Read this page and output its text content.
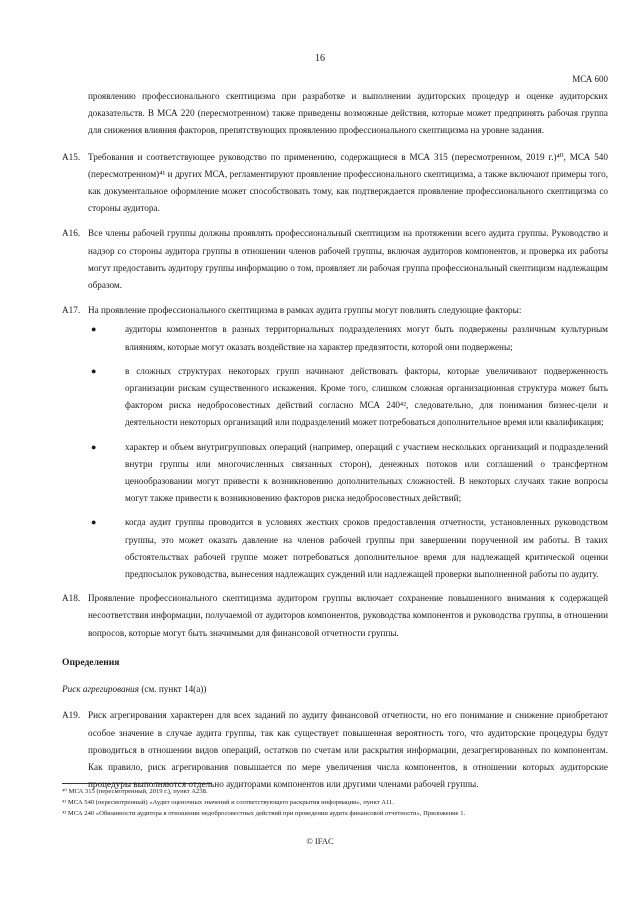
16
МСА 600
проявлению профессионального скептицизма при разработке и выполнении аудиторских процедур и оценке аудиторских доказательств. В МСА 220 (пересмотренном) также приведены возможные действия, которые может предпринять рабочая группа для снижения влияния факторов, препятствующих проявлению профессионального скептицизма на уровне задания.
A15. Требования и соответствующее руководство по применению, содержащиеся в МСА 315 (пересмотренном, 2019 г.)⁴⁰, МСА 540 (пересмотренном)⁴¹ и других МСА, регламентируют проявление профессионального скептицизма, а также включают примеры того, как документальное оформление может способствовать тому, как подтверждается проявление профессионального скептицизма со стороны аудитора.
A16. Все члены рабочей группы должны проявлять профессиональный скептицизм на протяжении всего аудита группы. Руководство и надзор со стороны аудитора группы в отношении членов рабочей группы, включая аудиторов компонентов, и проверка их работы могут предоставить аудитору группы информацию о том, проявляет ли рабочая группа профессиональный скептицизм надлежащим образом.
A17. На проявление профессионального скептицизма в рамках аудита группы могут повлиять следующие факторы:
●	аудиторы компонентов в разных территориальных подразделениях могут быть подвержены различным культурным влияниям, которые могут оказать воздействие на характер предвзятости, которой они подвержены;
●	в сложных структурах некоторых групп начинают действовать факторы, которые увеличивают подверженность организации рискам существенного искажения. Кроме того, слишком сложная организационная структура может быть фактором риска недобросовестных действий согласно МСА 240⁴², следовательно, для понимания бизнес-цели и деятельности некоторых организаций или подразделений может потребоваться дополнительное время или квалификация;
●	характер и объем внутригрупповых операций (например, операций с участием нескольких организаций и подразделений внутри группы или многочисленных связанных сторон), денежных потоков или соглашений о трансфертном ценообразовании могут привести к возникновению дополнительных сложностей. В некоторых случаях такие вопросы могут также привести к возникновению факторов риска недобросовестных действий;
●	когда аудит группы проводится в условиях жестких сроков предоставления отчетности, установленных руководством группы, это может оказать давление на членов рабочей группы при завершении порученной им работы. В таких обстоятельствах рабочей группе может потребоваться дополнительное время для надлежащей критической оценки предпосылок руководства, вынесения надлежащих суждений или надлежащей проверки выполненной работы по аудиту.
A18. Проявление профессионального скептицизма аудитором группы включает сохранение повышенного внимания к содержащей несоответствия информации, получаемой от аудиторов компонентов, руководства компонентов и руководства группы, в отношении вопросов, которые могут быть значимыми для финансовой отчетности группы.
Определения
Риск агрегирования (см. пункт 14(a))
A19. Риск агрегирования характерен для всех заданий по аудиту финансовой отчетности, но его понимание и снижение приобретают особое значение в случае аудита группы, так как существует повышенная вероятность того, что аудиторские процедуры будут проводиться в отношении видов операций, остатков по счетам или раскрытия информации, дезагрегированных по компонентам. Как правило, риск агрегирования повышается по мере увеличения числа компонентов, в отношении которых аудиторские процедуры выполняются отдельно аудиторами компонентов или другими членами рабочей группы.
⁴⁰ МСА 315 (пересмотренный, 2019 г.), пункт А238.
⁴¹ МСА 540 (пересмотренный) «Аудит оценочных значений и соответствующего раскрытия информации», пункт А11.
⁴² МСА 240 «Обязанности аудитора в отношении недобросовестных действий при проведении аудита финансовой отчетности», Приложение 1.
© IFAC
